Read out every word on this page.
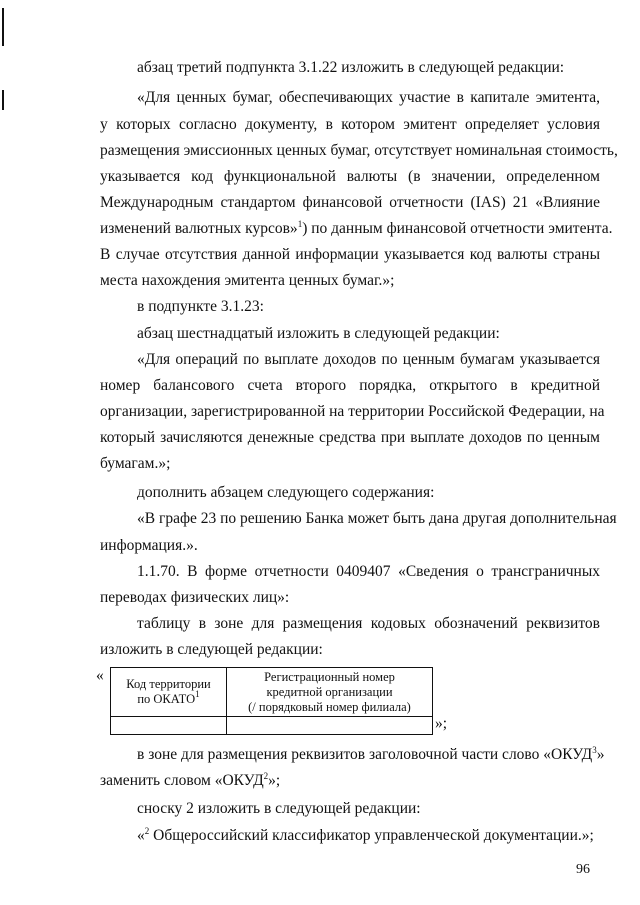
абзац третий подпункта 3.1.22 изложить в следующей редакции:
«Для ценных бумаг, обеспечивающих участие в капитале эмитента,
у которых согласно документу, в котором эмитент определяет условия
размещения эмиссионных ценных бумаг, отсутствует номинальная стоимость,
указывается код функциональной валюты (в значении, определенном
Международным стандартом финансовой отчетности (IAS) 21 «Влияние
изменений валютных курсов»$^1$) по данным финансовой отчетности эмитента.
В случае отсутствия данной информации указывается код валюты страны
места нахождения эмитента ценных бумаг.»;
в подпункте 3.1.23:
абзац шестнадцатый изложить в следующей редакции:
«Для операций по выплате доходов по ценным бумагам указывается
номер балансового счета второго порядка, открытого в кредитной
организации, зарегистрированной на территории Российской Федерации, на
который зачисляются денежные средства при выплате доходов по ценным
бумагам.»;
дополнить абзацем следующего содержания:
«В графе 23 по решению Банка может быть дана другая дополнительная
информация.».
1.1.70. В форме отчетности 0409407 «Сведения о трансграничных
переводах физических лиц»:
таблицу в зоне для размещения кодовых обозначений реквизитов
изложить в следующей редакции:
« Код территории
по ОКАТО$^1$	Регистрационный номер
кредитной организации
(/ порядковый номер филиала)

»;
в зоне для размещения реквизитов заголовочной части слово «ОКУД$^3$»
заменить словом «ОКУД$^2$»;
сноску 2 изложить в следующей редакции:
«$^2$ Общероссийский классификатор управленческой документации.»;
96
